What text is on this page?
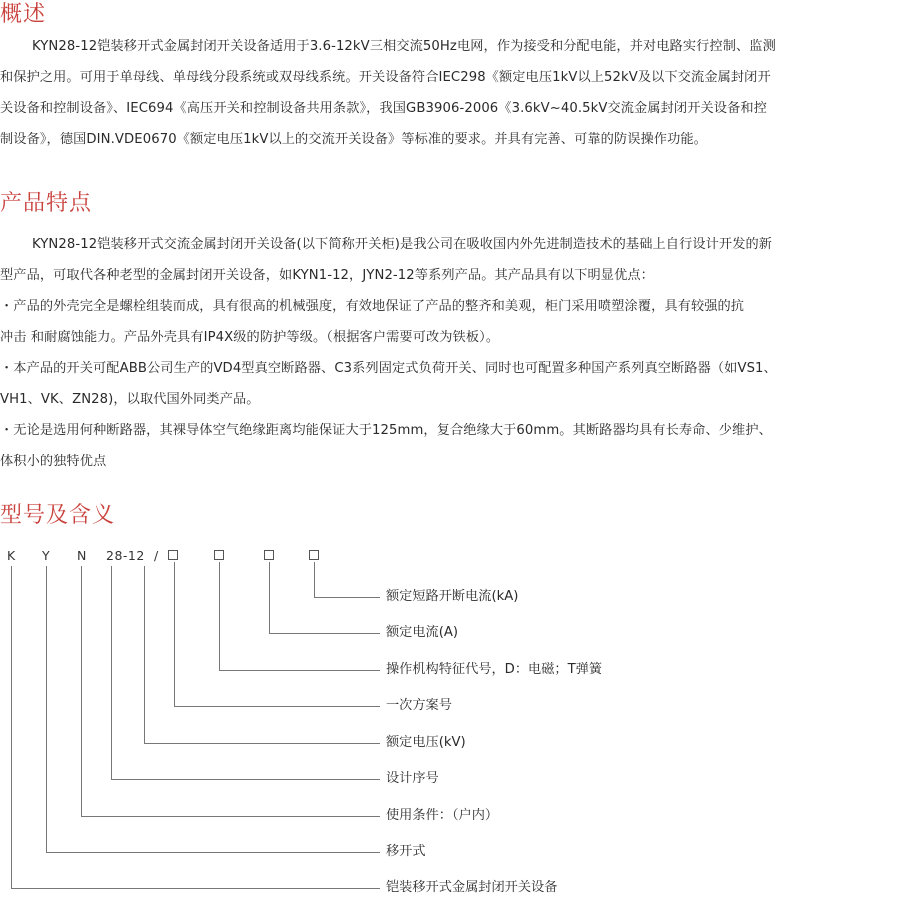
概述
KYN28-12铠装移开式金属封闭开关设备适用于3.6-12kV三相交流50Hz电网，作为接受和分配电能，并对电路实行控制、监测
和保护之用。可用于单母线、单母线分段系统或双母线系统。开关设备符合IEC298《额定电压1kV以上52kV及以下交流金属封闭开
关设备和控制设备》、IEC694《高压开关和控制设备共用条款》，我国GB3906-2006《3.6kV~40.5kV交流金属封闭开关设备和控
制设备》，德国DIN.VDE0670《额定电压1kV以上的交流开关设备》等标准的要求。并具有完善、可靠的防误操作功能。
产品特点
KYN28-12铠装移开式交流金属封闭开关设备(以下简称开关柜)是我公司在吸收国内外先进制造技术的基础上自行设计开发的新
型产品，可取代各种老型的金属封闭开关设备，如KYN1-12，JYN2-12等系列产品。其产品具有以下明显优点：
・产品的外壳完全是螺栓组装而成，具有很高的机械强度，有效地保证了产品的整齐和美观，柜门采用喷塑涂覆，具有较强的抗
冲击 和耐腐蚀能力。产品外壳具有IP4X级的防护等级。（根据客户需要可改为铁板）。
・本产品的开关可配ABB公司生产的VD4型真空断路器、C3系列固定式负荷开关、同时也可配置多种国产系列真空断路器（如VS1、
VH1、VK、ZN28)，以取代国外同类产品。
・无论是选用何种断路器，其裸导体空气绝缘距离均能保证大于125mm，复合绝缘大于60mm。其断路器均具有长寿命、少维护、
体积小的独特优点
型号及含义
K Y N 28-12 /
额定短路开断电流(kA)
额定电流(A)
操作机构特征代号，D：电磁；T弹簧
一次方案号
额定电压(kV)
设计序号
使用条件：（户内）
移开式
铠装移开式金属封闭开关设备
